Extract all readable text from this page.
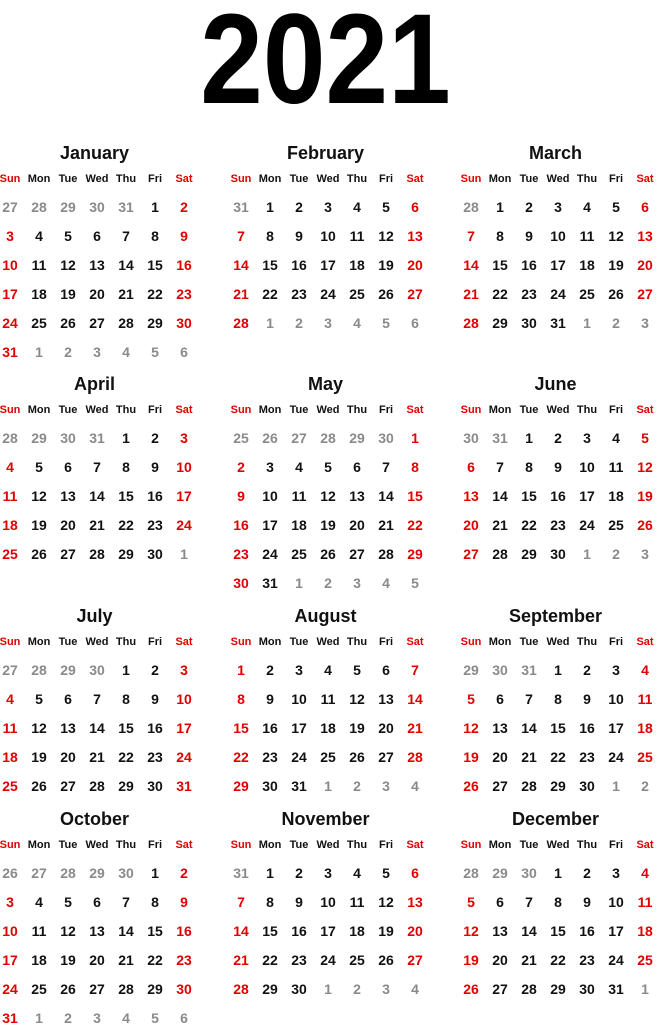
2021
January
Sun Mon Tue Wed Thu	Fri	Sat
27 28 29 30 31	1	2
3	4	5	6	7	8	9
10 11 12 13 14 15 16
17 18 19 20 21 22 23
24 25 26 27 28 29 30
31	1	2	3	4	5	6
February
Sun Mon Tue Wed Thu	Fri	Sat
31	1	2	3	4	5	6
7	8	9	10 11 12 13
14 15 16 17 18 19 20
21 22 23 24 25 26 27
28	1	2	3	4	5	6
March
Sun Mon Tue Wed Thu	Fri	Sat
28	1	2	3	4	5	6
7	8	9	10 11 12 13
14 15 16 17 18 19 20
21 22 23 24 25 26 27
28 29 30 31	1	2	3
April
Sun Mon Tue Wed Thu	Fri	Sat
28 29 30 31	1	2	3
4	5	6	7	8	9	10
11 12 13 14 15 16 17
18 19 20 21 22 23 24
25 26 27 28 29 30	1
May
Sun Mon Tue Wed Thu	Fri	Sat
25 26 27 28 29 30	1
2	3	4	5	6	7	8
9	10 11 12 13 14 15
16 17 18 19 20 21 22
23 24 25 26 27 28 29
30 31	1	2	3	4	5
June
Sun Mon Tue Wed Thu	Fri	Sat
30 31	1	2	3	4	5
6	7	8	9	10 11 12
13 14 15 16 17 18 19
20 21 22 23 24 25 26
27 28 29 30	1	2	3
July
Sun Mon Tue Wed Thu	Fri	Sat
27 28 29 30	1	2	3
4	5	6	7	8	9	10
11 12 13 14 15 16 17
18 19 20 21 22 23 24
25 26 27 28 29 30 31
August
Sun Mon Tue Wed Thu	Fri	Sat
1	2	3	4	5	6	7
8	9	10 11 12 13 14
15 16 17 18 19 20 21
22 23 24 25 26 27 28
29 30 31	1	2	3	4
September
Sun Mon Tue Wed Thu	Fri	Sat
29 30 31	1	2	3	4
5	6	7	8	9	10 11
12 13 14 15 16 17 18
19 20 21 22 23 24 25
26 27 28 29 30	1	2
October
Sun Mon Tue Wed Thu	Fri	Sat
26 27 28 29 30	1	2
3	4	5	6	7	8	9
10 11 12 13 14 15 16
17 18 19 20 21 22 23
24 25 26 27 28 29 30
31	1	2	3	4	5	6
November
Sun Mon Tue Wed Thu	Fri	Sat
31	1	2	3	4	5	6
7	8	9	10 11 12 13
14 15 16 17 18 19 20
21 22 23 24 25 26 27
28 29 30	1	2	3	4
December
Sun Mon Tue Wed Thu	Fri	Sat
28 29 30	1	2	3	4
5	6	7	8	9	10 11
12 13 14 15 16 17 18
19 20 21 22 23 24 25
26 27 28 29 30 31	1
